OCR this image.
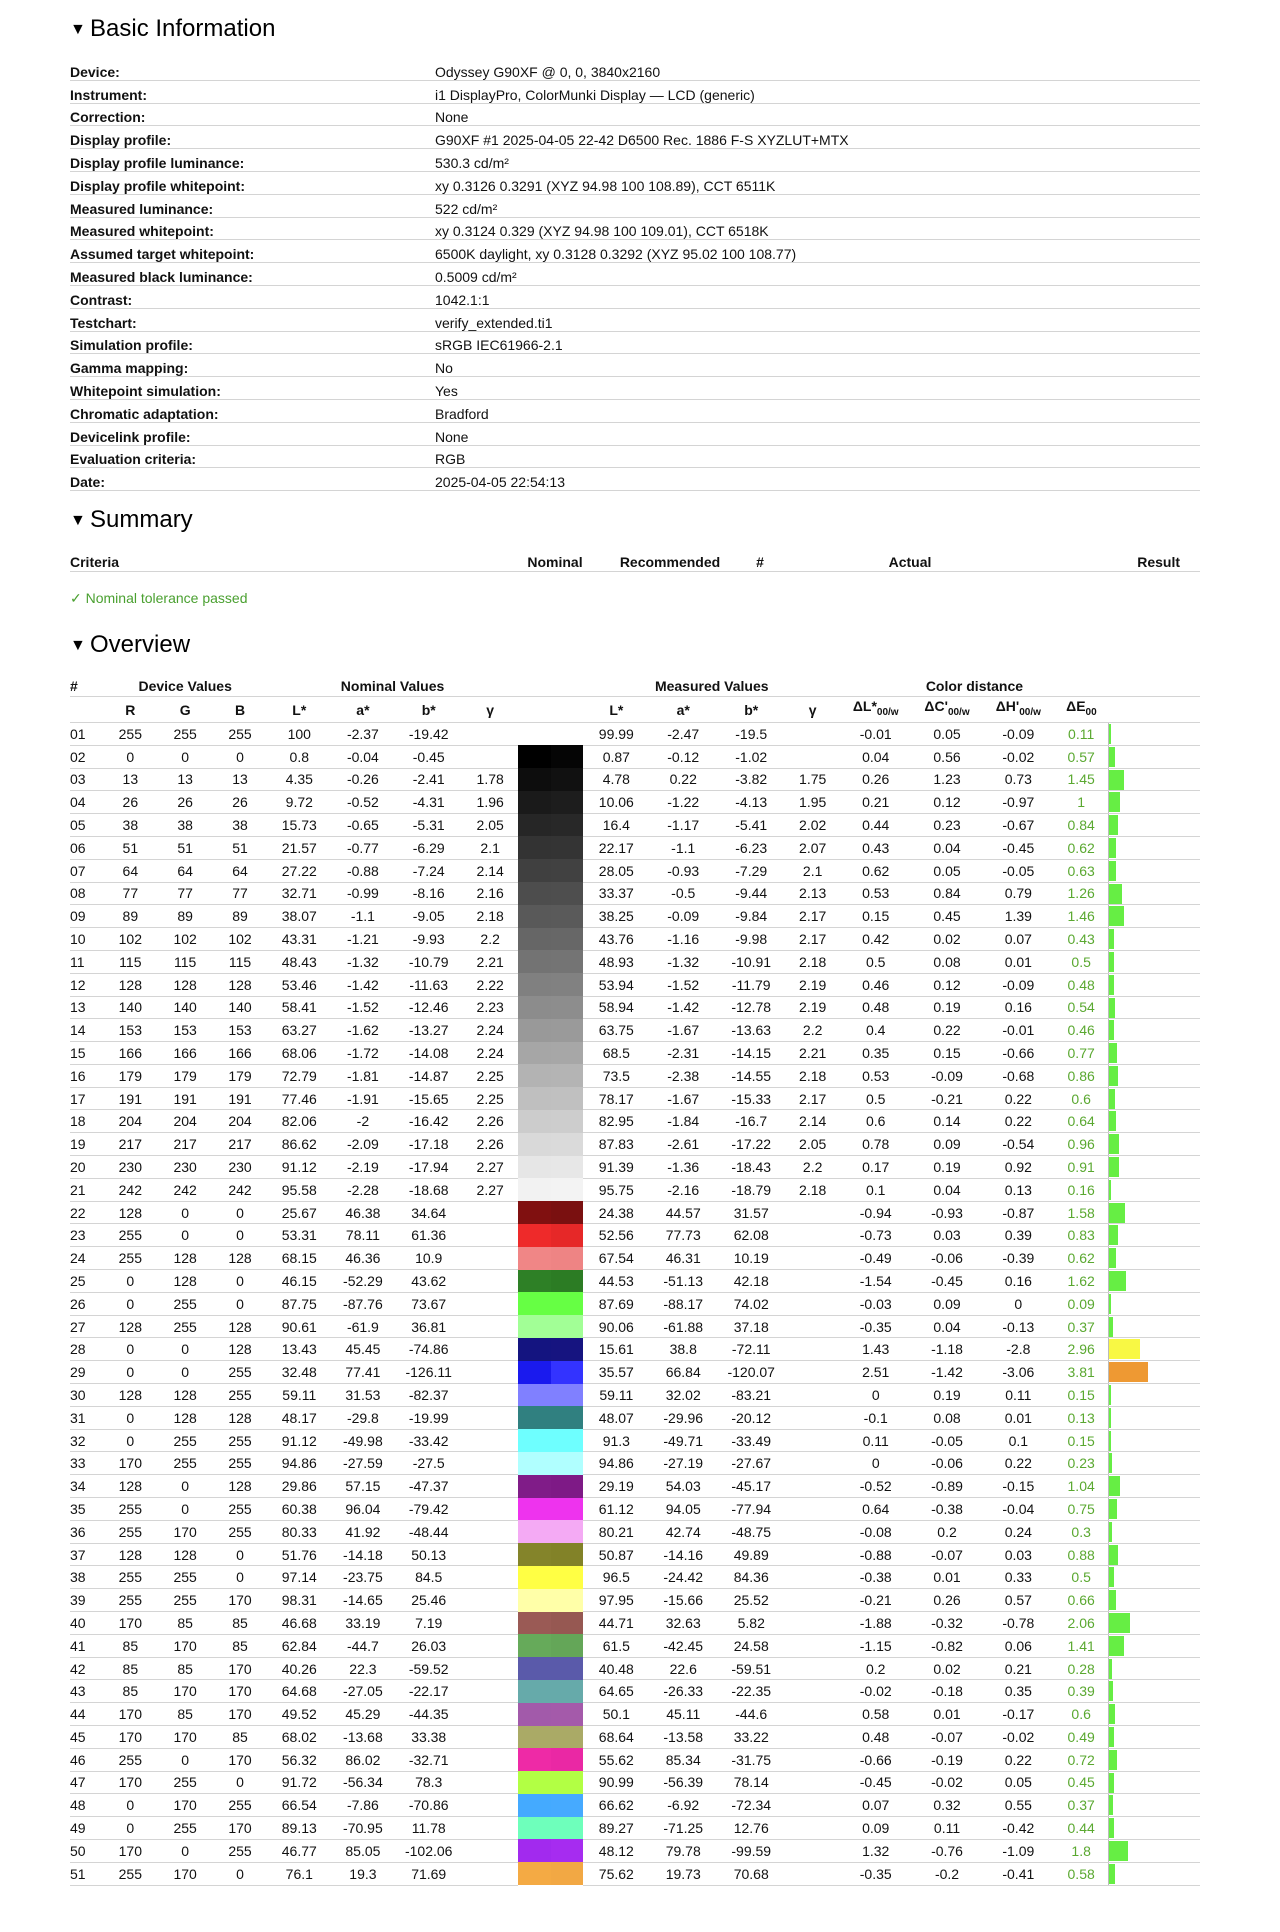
▼ Basic Information
Device:	Odyssey G90XF @ 0, 0, 3840x2160
Instrument:	i1 DisplayPro, ColorMunki Display — LCD (generic)
Correction:	None
Display profile:	G90XF #1 2025-04-05 22-42 D6500 Rec. 1886 F-S XYZLUT+MTX
Display profile luminance:	530.3 cd/m²
Display profile whitepoint:	xy 0.3126 0.3291 (XYZ 94.98 100 108.89), CCT 6511K
Measured luminance:	522 cd/m²
Measured whitepoint:	xy 0.3124 0.329 (XYZ 94.98 100 109.01), CCT 6518K
Assumed target whitepoint:	6500K daylight, xy 0.3128 0.3292 (XYZ 95.02 100 108.77)
Measured black luminance:	0.5009 cd/m²
Contrast:	1042.1:1
Testchart:	verify_extended.ti1
Simulation profile:	sRGB IEC61966-2.1
Gamma mapping:	No
Whitepoint simulation:	Yes
Chromatic adaptation:	Bradford
Devicelink profile:	None
Evaluation criteria:	RGB
Date:	2025-04-05 22:54:13
▼ Summary
Criteria	Nominal	Recommended	#		Actual		Result
✓ Nominal tolerance passed
▼ Overview
#	Device Values			Nominal Values						Measured Values				Color distance				
	R	G	B	L*	a*	b*	γ			L*	a*	b*	γ	$\Delta L*_{00/w}$	$\Delta C'_{00/w}$	$\Delta H'_{00/w}$	$\Delta E_{00}$	
01	255	255	255	100	-2.37	-19.42				99.99	-2.47	-19.5		-0.01	0.05	-0.09	0.11	

02	0	0	0	0.8	-0.04	-0.45				0.87	-0.12	-1.02		0.04	0.56	-0.02	0.57	

03	13	13	13	4.35	-0.26	-2.41	1.78			4.78	0.22	-3.82	1.75	0.26	1.23	0.73	1.45	

04	26	26	26	9.72	-0.52	-4.31	1.96			10.06	-1.22	-4.13	1.95	0.21	0.12	-0.97	1	

05	38	38	38	15.73	-0.65	-5.31	2.05			16.4	-1.17	-5.41	2.02	0.44	0.23	-0.67	0.84	

06	51	51	51	21.57	-0.77	-6.29	2.1			22.17	-1.1	-6.23	2.07	0.43	0.04	-0.45	0.62	

07	64	64	64	27.22	-0.88	-7.24	2.14			28.05	-0.93	-7.29	2.1	0.62	0.05	-0.05	0.63	

08	77	77	77	32.71	-0.99	-8.16	2.16			33.37	-0.5	-9.44	2.13	0.53	0.84	0.79	1.26	

09	89	89	89	38.07	-1.1	-9.05	2.18			38.25	-0.09	-9.84	2.17	0.15	0.45	1.39	1.46	

10	102	102	102	43.31	-1.21	-9.93	2.2			43.76	-1.16	-9.98	2.17	0.42	0.02	0.07	0.43	

11	115	115	115	48.43	-1.32	-10.79	2.21			48.93	-1.32	-10.91	2.18	0.5	0.08	0.01	0.5	

12	128	128	128	53.46	-1.42	-11.63	2.22			53.94	-1.52	-11.79	2.19	0.46	0.12	-0.09	0.48	

13	140	140	140	58.41	-1.52	-12.46	2.23			58.94	-1.42	-12.78	2.19	0.48	0.19	0.16	0.54	

14	153	153	153	63.27	-1.62	-13.27	2.24			63.75	-1.67	-13.63	2.2	0.4	0.22	-0.01	0.46	

15	166	166	166	68.06	-1.72	-14.08	2.24			68.5	-2.31	-14.15	2.21	0.35	0.15	-0.66	0.77	

16	179	179	179	72.79	-1.81	-14.87	2.25			73.5	-2.38	-14.55	2.18	0.53	-0.09	-0.68	0.86	

17	191	191	191	77.46	-1.91	-15.65	2.25			78.17	-1.67	-15.33	2.17	0.5	-0.21	0.22	0.6	

18	204	204	204	82.06	-2	-16.42	2.26			82.95	-1.84	-16.7	2.14	0.6	0.14	0.22	0.64	

19	217	217	217	86.62	-2.09	-17.18	2.26			87.83	-2.61	-17.22	2.05	0.78	0.09	-0.54	0.96	

20	230	230	230	91.12	-2.19	-17.94	2.27			91.39	-1.36	-18.43	2.2	0.17	0.19	0.92	0.91	

21	242	242	242	95.58	-2.28	-18.68	2.27			95.75	-2.16	-18.79	2.18	0.1	0.04	0.13	0.16	

22	128	0	0	25.67	46.38	34.64				24.38	44.57	31.57		-0.94	-0.93	-0.87	1.58	

23	255	0	0	53.31	78.11	61.36				52.56	77.73	62.08		-0.73	0.03	0.39	0.83	

24	255	128	128	68.15	46.36	10.9				67.54	46.31	10.19		-0.49	-0.06	-0.39	0.62	

25	0	128	0	46.15	-52.29	43.62				44.53	-51.13	42.18		-1.54	-0.45	0.16	1.62	

26	0	255	0	87.75	-87.76	73.67				87.69	-88.17	74.02		-0.03	0.09	0	0.09	

27	128	255	128	90.61	-61.9	36.81				90.06	-61.88	37.18		-0.35	0.04	-0.13	0.37	

28	0	0	128	13.43	45.45	-74.86				15.61	38.8	-72.11		1.43	-1.18	-2.8	2.96	

29	0	0	255	32.48	77.41	-126.11				35.57	66.84	-120.07		2.51	-1.42	-3.06	3.81	

30	128	128	255	59.11	31.53	-82.37				59.11	32.02	-83.21		0	0.19	0.11	0.15	

31	0	128	128	48.17	-29.8	-19.99				48.07	-29.96	-20.12		-0.1	0.08	0.01	0.13	

32	0	255	255	91.12	-49.98	-33.42				91.3	-49.71	-33.49		0.11	-0.05	0.1	0.15	

33	170	255	255	94.86	-27.59	-27.5				94.86	-27.19	-27.67		0	-0.06	0.22	0.23	

34	128	0	128	29.86	57.15	-47.37				29.19	54.03	-45.17		-0.52	-0.89	-0.15	1.04	

35	255	0	255	60.38	96.04	-79.42				61.12	94.05	-77.94		0.64	-0.38	-0.04	0.75	

36	255	170	255	80.33	41.92	-48.44				80.21	42.74	-48.75		-0.08	0.2	0.24	0.3	

37	128	128	0	51.76	-14.18	50.13				50.87	-14.16	49.89		-0.88	-0.07	0.03	0.88	

38	255	255	0	97.14	-23.75	84.5				96.5	-24.42	84.36		-0.38	0.01	0.33	0.5	

39	255	255	170	98.31	-14.65	25.46				97.95	-15.66	25.52		-0.21	0.26	0.57	0.66	

40	170	85	85	46.68	33.19	7.19				44.71	32.63	5.82		-1.88	-0.32	-0.78	2.06	

41	85	170	85	62.84	-44.7	26.03				61.5	-42.45	24.58		-1.15	-0.82	0.06	1.41	

42	85	85	170	40.26	22.3	-59.52				40.48	22.6	-59.51		0.2	0.02	0.21	0.28	

43	85	170	170	64.68	-27.05	-22.17				64.65	-26.33	-22.35		-0.02	-0.18	0.35	0.39	

44	170	85	170	49.52	45.29	-44.35				50.1	45.11	-44.6		0.58	0.01	-0.17	0.6	

45	170	170	85	68.02	-13.68	33.38				68.64	-13.58	33.22		0.48	-0.07	-0.02	0.49	

46	255	0	170	56.32	86.02	-32.71				55.62	85.34	-31.75		-0.66	-0.19	0.22	0.72	

47	170	255	0	91.72	-56.34	78.3				90.99	-56.39	78.14		-0.45	-0.02	0.05	0.45	

48	0	170	255	66.54	-7.86	-70.86				66.62	-6.92	-72.34		0.07	0.32	0.55	0.37	

49	0	255	170	89.13	-70.95	11.78				89.27	-71.25	12.76		0.09	0.11	-0.42	0.44	

50	170	0	255	46.77	85.05	-102.06				48.12	79.78	-99.59		1.32	-0.76	-1.09	1.8	

51	255	170	0	76.1	19.3	71.69				75.62	19.73	70.68		-0.35	-0.2	-0.41	0.58	
